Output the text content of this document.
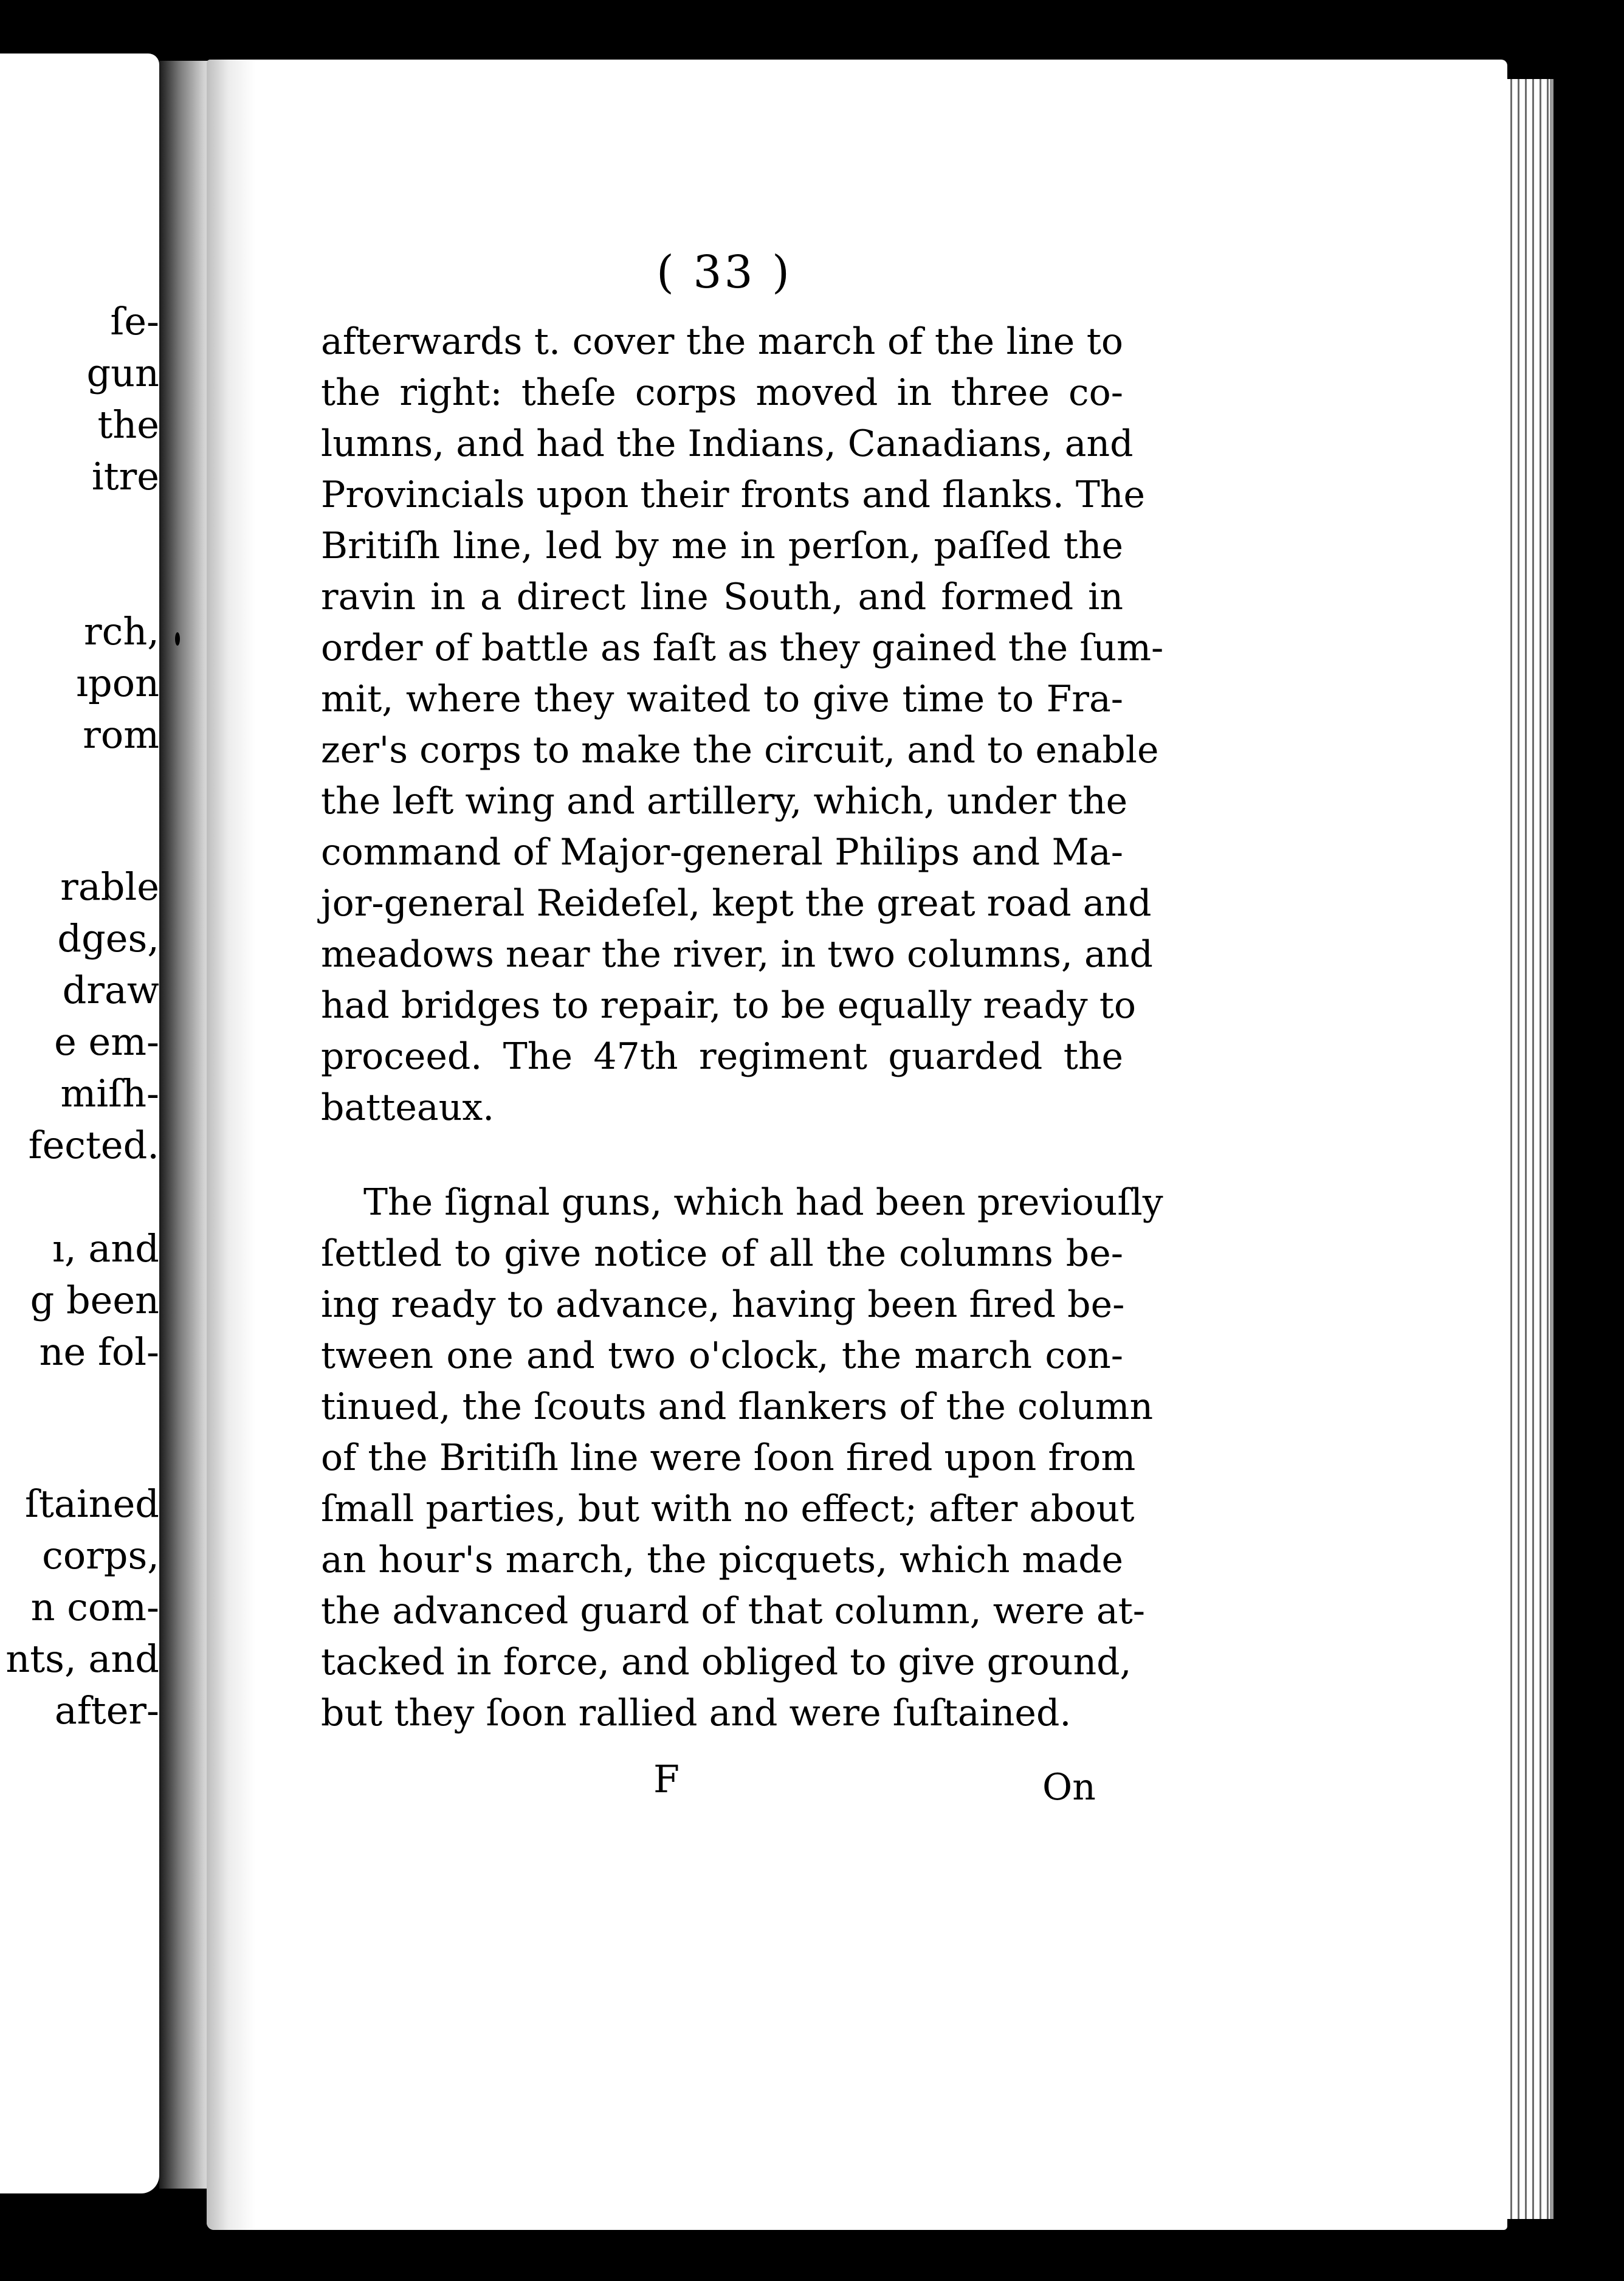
ſe-
gun
the
itre
rch,
ıpon
rom
rable
dges,
draw
e em-
miſh-
fected.
ı, and
g been
ne fol-
ſtained
corps,
n com-
nts, and
after-
( 33 )
afterwards t. cover the march of the line to
the right: theſe corps moved in three co-
lumns, and had the Indians, Canadians, and
Provincials upon their fronts and flanks. The
Britiſh line, led by me in perſon, paſſed the
ravin in a direct line South, and formed in
order of battle as faſt as they gained the ſum-
mit, where they waited to give time to Fra-
zer's corps to make the circuit, and to enable
the left wing and artillery, which, under the
command of Major-general Philips and Ma-
jor-general Reideſel, kept the great road and
meadows near the river, in two columns, and
had bridges to repair, to be equally ready to
proceed. The 47th regiment guarded the
batteaux.
The ſignal guns, which had been previouſly
ſettled to give notice of all the columns be-
ing ready to advance, having been fired be-
tween one and two o'clock, the march con-
tinued, the ſcouts and flankers of the column
of the Britiſh line were ſoon fired upon from
ſmall parties, but with no effect; after about
an hour's march, the picquets, which made
the advanced guard of that column, were at-
tacked in force, and obliged to give ground,
but they ſoon rallied and were ſuſtained.
F	On
